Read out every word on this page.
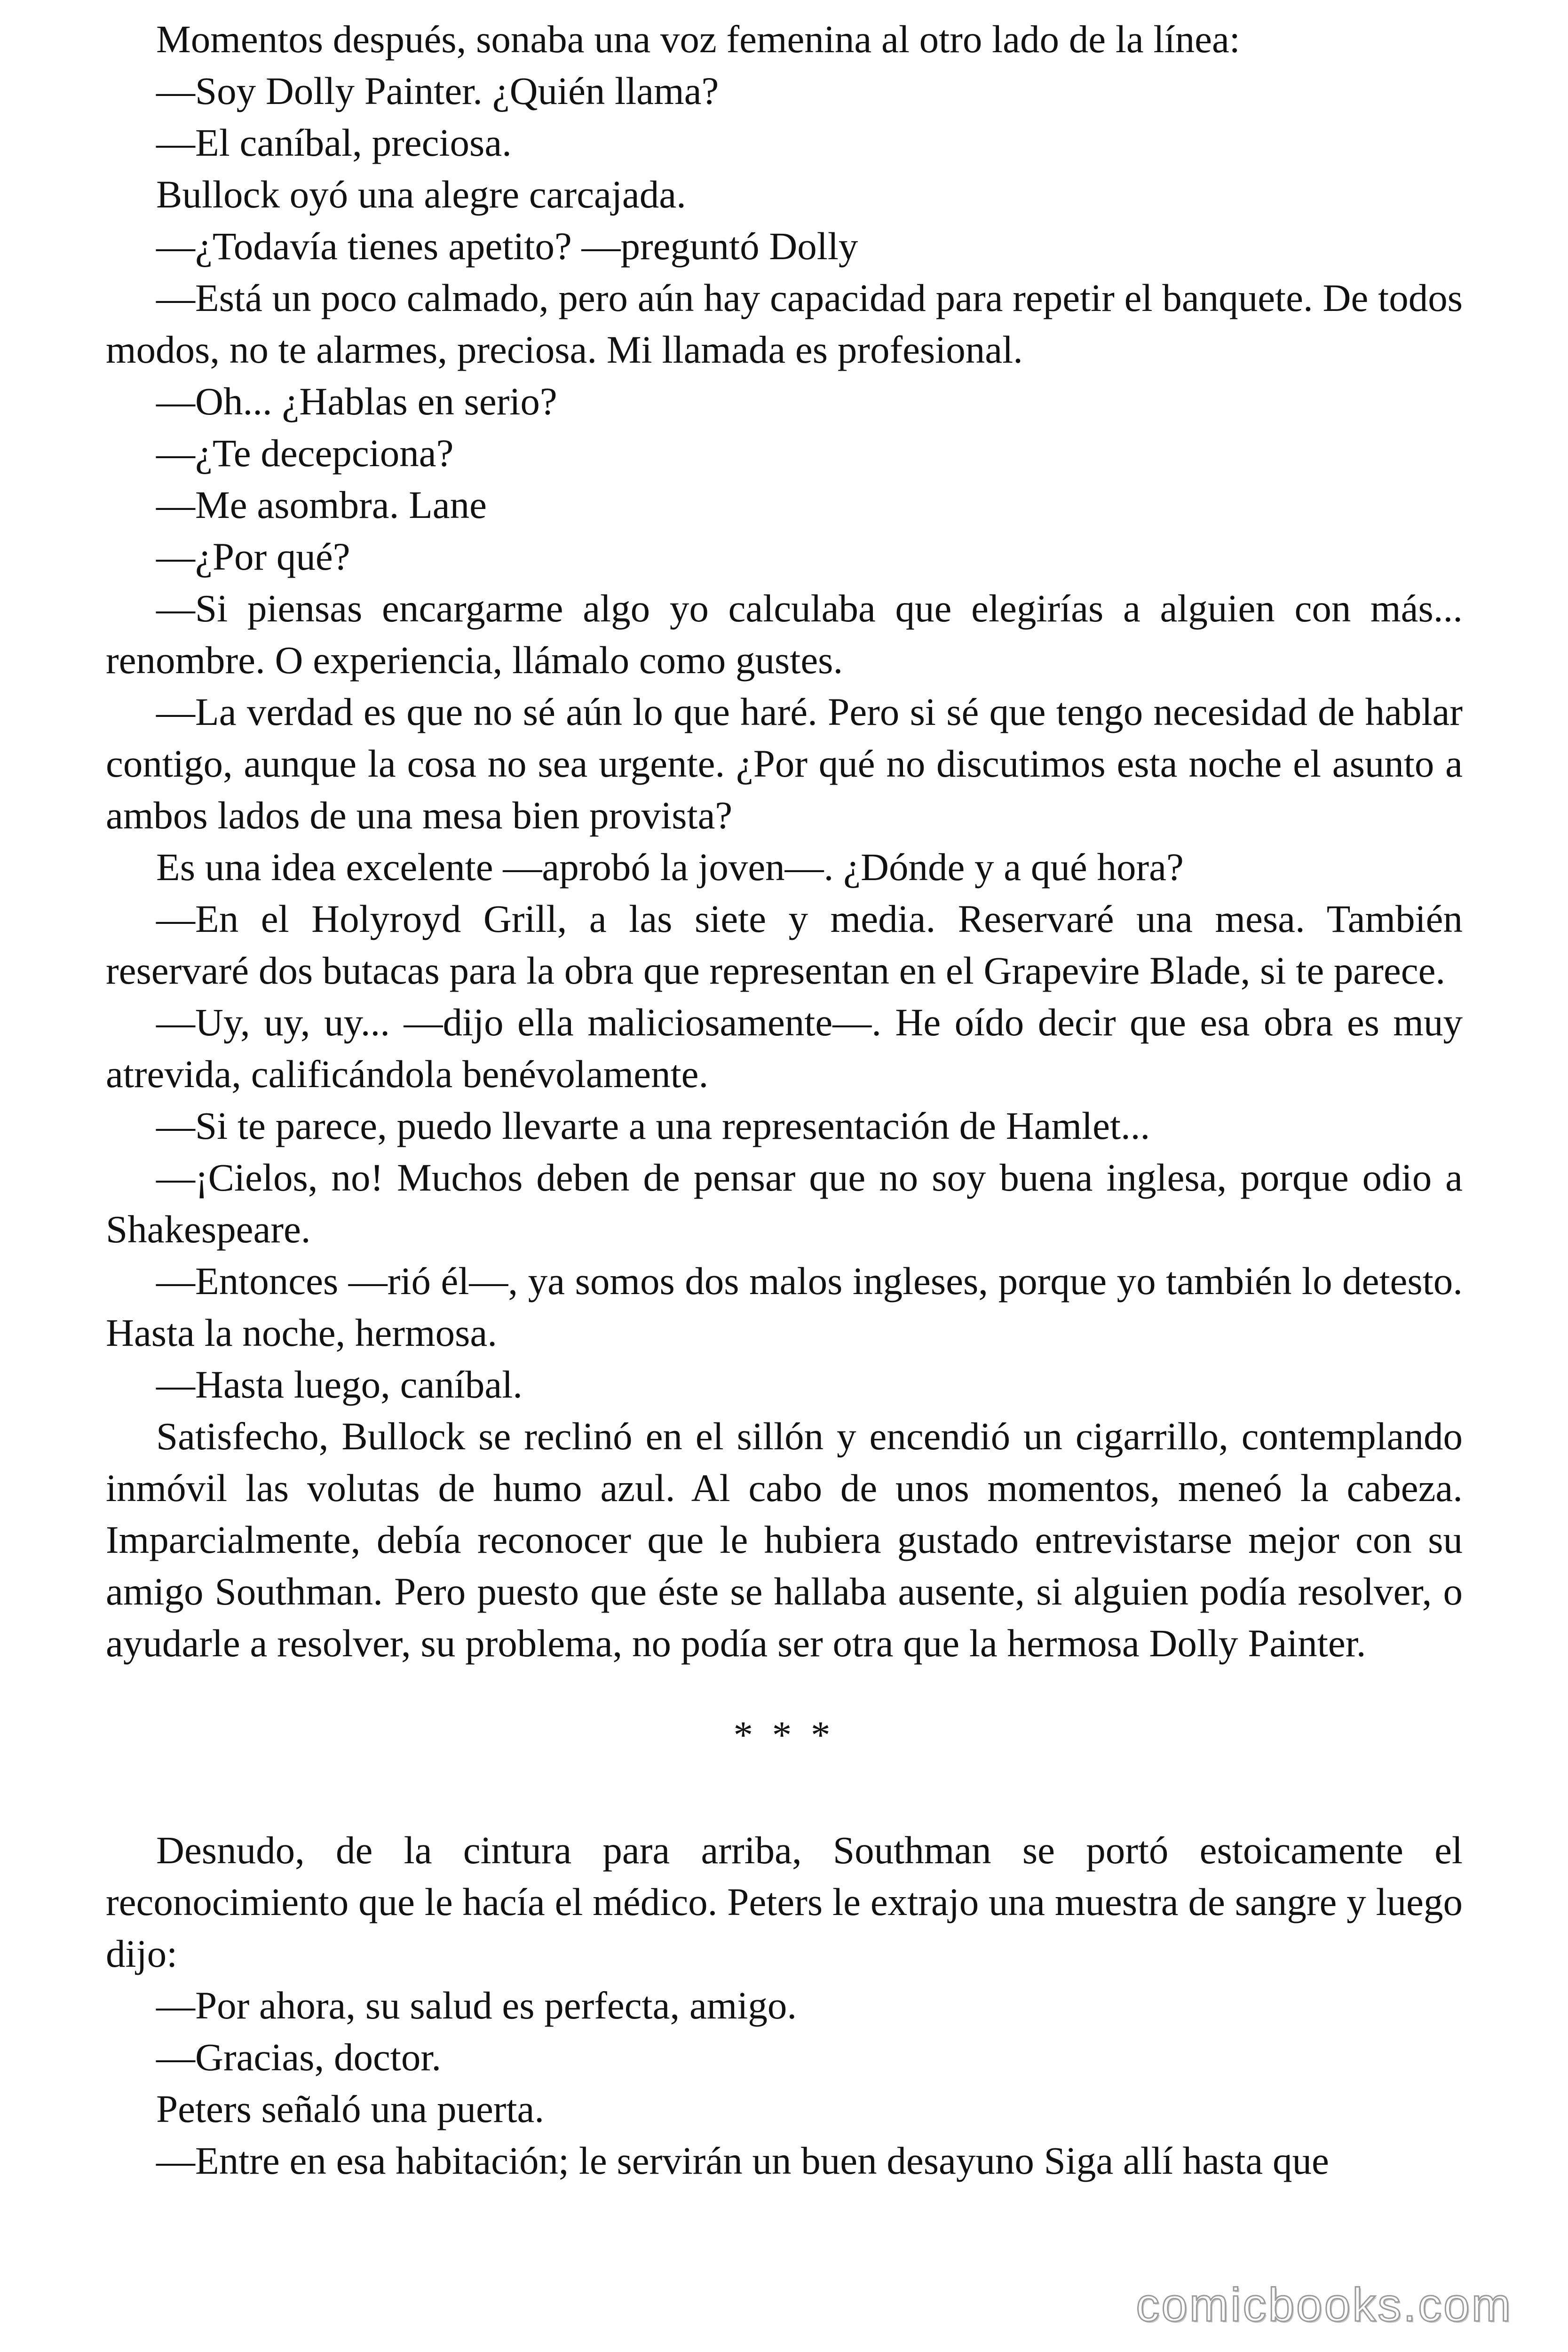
Momentos después, sonaba una voz femenina al otro lado de la línea:

—Soy Dolly Painter. ¿Quién llama?

—El caníbal, preciosa.

Bullock oyó una alegre carcajada.

—¿Todavía tienes apetito? —preguntó Dolly

—Está un poco calmado, pero aún hay capacidad para repetir el banquete. De todos modos, no te alarmes, preciosa. Mi llamada es profesional.

—Oh... ¿Hablas en serio?

—¿Te decepciona?

—Me asombra. Lane

—¿Por qué?

—Si piensas encargarme algo yo calculaba que elegirías a alguien con más... renombre. O experiencia, llámalo como gustes.

—La verdad es que no sé aún lo que haré. Pero si sé que tengo necesidad de hablar contigo, aunque la cosa no sea urgente. ¿Por qué no discutimos esta noche el asunto a ambos lados de una mesa bien provista?

Es una idea excelente —aprobó la joven—. ¿Dónde y a qué hora?

—En el Holyroyd Grill, a las siete y media. Reservaré una mesa. También reservaré dos butacas para la obra que representan en el Grapevire Blade, si te parece.

—Uy, uy, uy... —dijo ella maliciosamente—. He oído decir que esa obra es muy atrevida, calificándola benévolamente.

—Si te parece, puedo llevarte a una representación de Hamlet...

—¡Cielos, no! Muchos deben de pensar que no soy buena inglesa, porque odio a Shakespeare.

—Entonces —rió él—, ya somos dos malos ingleses, porque yo también lo detesto. Hasta la noche, hermosa.

—Hasta luego, caníbal.

Satisfecho, Bullock se reclinó en el sillón y encendió un cigarrillo, contemplando inmóvil las volutas de humo azul. Al cabo de unos momentos, meneó la cabeza. Imparcialmente, debía reconocer que le hubiera gustado entrevistarse mejor con su amigo Southman. Pero puesto que éste se hallaba ausente, si alguien podía resolver, o ayudarle a resolver, su problema, no podía ser otra que la hermosa Dolly Painter.

* * *

Desnudo, de la cintura para arriba, Southman se portó estoicamente el reconocimiento que le hacía el médico. Peters le extrajo una muestra de sangre y luego dijo:

—Por ahora, su salud es perfecta, amigo.

—Gracias, doctor.

Peters señaló una puerta.

—Entre en esa habitación; le servirán un buen desayuno Siga allí hasta que

comicbooks.com
